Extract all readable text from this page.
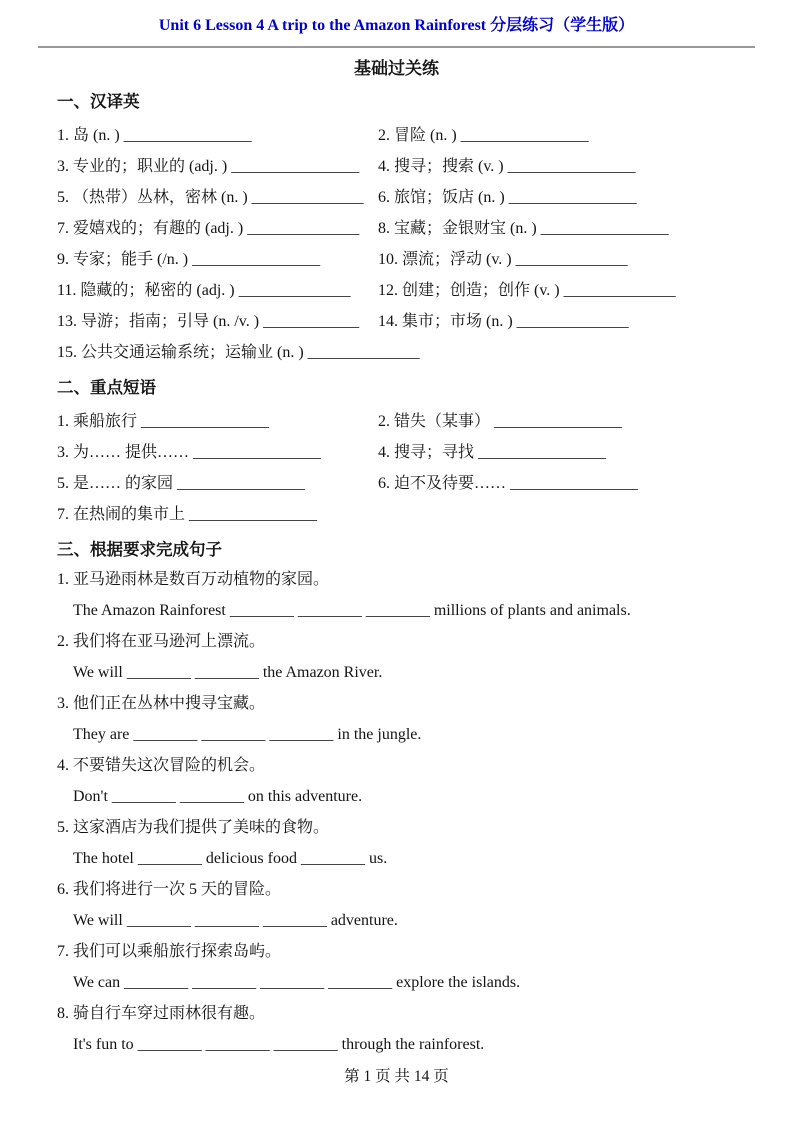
Unit 6 Lesson 4 A trip to the Amazon Rainforest 分层练习（学生版）
基础过关练
一、汉译英
1. 岛 (n. ) ________________	2. 冒险 (n. ) ________________
3. 专业的；职业的 (adj. ) ________________	4. 搜寻；搜索 (v. ) ________________
5. （热带）丛林，密林 (n. ) ______________ 6. 旅馆；饭店 (n. ) ________________
7. 爱嬉戏的；有趣的 (adj. ) ______________	8. 宝藏；金银财宝 (n. ) ________________
9. 专家；能手 (/n. ) ________________	10. 漂流；浮动 (v. ) ______________
11. 隐藏的；秘密的 (adj. ) ______________	12. 创建；创造；创作 (v. ) ______________
13. 导游；指南；引导 (n. /v. ) ____________	14. 集市；市场 (n. ) ______________
15. 公共交通运输系统；运输业 (n. ) ______________
二、重点短语
1. 乘船旅行 ________________	2. 错失（某事） ________________
3. 为…… 提供…… ________________	4. 搜寻；寻找 ________________
5. 是…… 的家园 ________________	6. 迫不及待要…… ________________
7. 在热闹的集市上 ________________
三、根据要求完成句子
1. 亚马逊雨林是数百万动植物的家园。
The Amazon Rainforest ________ ________ ________ millions of plants and animals.
2. 我们将在亚马逊河上漂流。
We will ________ ________ the Amazon River.
3. 他们正在丛林中搜寻宝藏。
They are ________ ________ ________ in the jungle.
4. 不要错失这次冒险的机会。
Don't ________ ________ on this adventure.
5. 这家酒店为我们提供了美味的食物。
The hotel ________ delicious food ________ us.
6. 我们将进行一次 5 天的冒险。
We will ________ ________ ________ adventure.
7. 我们可以乘船旅行探索岛屿。
We can ________ ________ ________ ________ explore the islands.
8. 骑自行车穿过雨林很有趣。
It's fun to ________ ________ ________ through the rainforest.
第 1 页 共 14 页
